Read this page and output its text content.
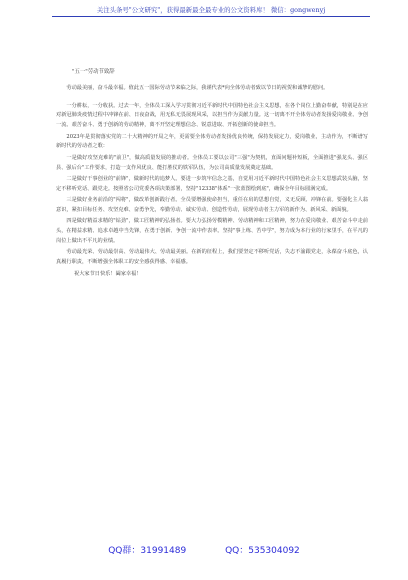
关注头条号"公文研究"，获得最新最全最专业的公文资料库！ 微信：gongwenyj
"五一"劳动节致辞

劳动最美丽，奋斗最幸福。值此五一国际劳动节来临之际，我谨代表*向全体劳动者致以节日的祝贺和诚挚的慰问。

一分耕耘，一分收获。过去一年，全体员工深入学习贯彻习近平新时代中国特色社会主义思想，在各个岗位上勤奋奉献，特别是在应对新冠肺炎疫情过程中冲锋在前、日夜奋战，用无私无畏展现风采，以担当作为贡献力量。这一切离不开全体劳动者发扬爱岗敬业、争创一流、艰苦奋斗、勇于创新的劳动精神，离不开坚定理想信念、锐意进取、开拓创新的使命担当。

2023年是贯彻落实党的二十大精神的开局之年，更需要全体劳动者发扬优良传统，保持发展定力，爱岗敬业，主动作为，不断谱写新时代的劳动者之歌：

一是做好攻坚克难的"前卫"，做高质量发展的推动者。全体员工要以公司"三强"为契机，直面问题补短板，全面推进"强龙头、强区县、强后台"工作要求，打造一支作风优良、能打胜仗的铁军队伍，为公司高质量发展奠定基础。

二是做好干事创业的"前锋"，做新时代的追梦人。要进一步筑牢信念之基，自觉用习近平新时代中国特色社会主义思想武装头脑，坚定不移听党话、跟党走。按照省公司党委各项决策部署，坚持"12338"体系"一张蓝图绘到底"，确保全年目标圆满完成。

三是做好业务前沿的"闯将"，做改革创新践行者。全员要增强使命担当，重任在肩的思想自觉，义无反顾、冲锋在前。要强化主人翁意识，紧扣目标任务、攻坚克难、奋勇争先，奉勤劳动、诚实劳动、创造性劳动，展现劳动者主力军的新作为、新风采、新面貌。

四是做好精益求精的"钻劲"，做工匠精神的弘扬者。要大力弘扬劳模精神、劳动精神和工匠精神，努力在爱岗敬业、艰苦奋斗中走前头，在精益求精、追求卓越中当先锋，在勇于创新、争创一流中作表率。坚持"事上练、苦中学"，努力成为本行业的行家里手，在平凡的岗位上做出不平凡的业绩。

劳动最光荣、劳动最崇高、劳动最伟大、劳动最美丽。在新的征程上，我们要坚定不移听党话，失志不渝跟党走，永葆奋斗底色，认真履行职责，不断增强全体职工的安全感获得感、幸福感。

祝大家节日快乐！阖家幸福！

QQ群：31991489	QQ：535304092
